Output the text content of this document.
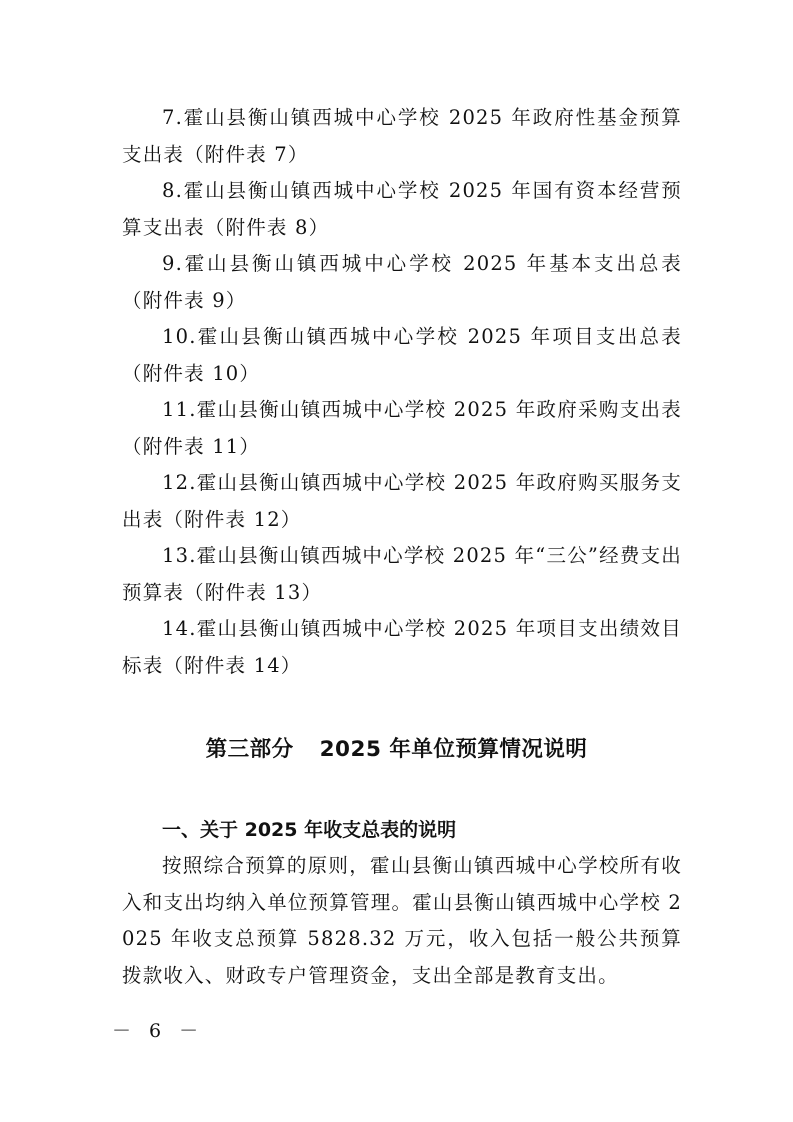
7.霍山县衡山镇西城中心学校 2025 年政府性基金预算支出表（附件表 7）
8.霍山县衡山镇西城中心学校 2025 年国有资本经营预算支出表（附件表 8）
9.霍山县衡山镇西城中心学校 2025 年基本支出总表（附件表 9）
10.霍山县衡山镇西城中心学校 2025 年项目支出总表（附件表 10）
11.霍山县衡山镇西城中心学校 2025 年政府采购支出表（附件表 11）
12.霍山县衡山镇西城中心学校 2025 年政府购买服务支出表（附件表 12）
13.霍山县衡山镇西城中心学校 2025 年“三公”经费支出预算表（附件表 13）
14.霍山县衡山镇西城中心学校 2025 年项目支出绩效目标表（附件表 14）
第三部分 2025 年单位预算情况说明
一、关于 2025 年收支总表的说明

按照综合预算的原则，霍山县衡山镇西城中心学校所有收入和支出均纳入单位预算管理。霍山县衡山镇西城中心学校 2025 年收支总预算 5828.32 万元，收入包括一般公共预算拨款收入、财政专户管理资金，支出全部是教育支出。

－ 6 －
